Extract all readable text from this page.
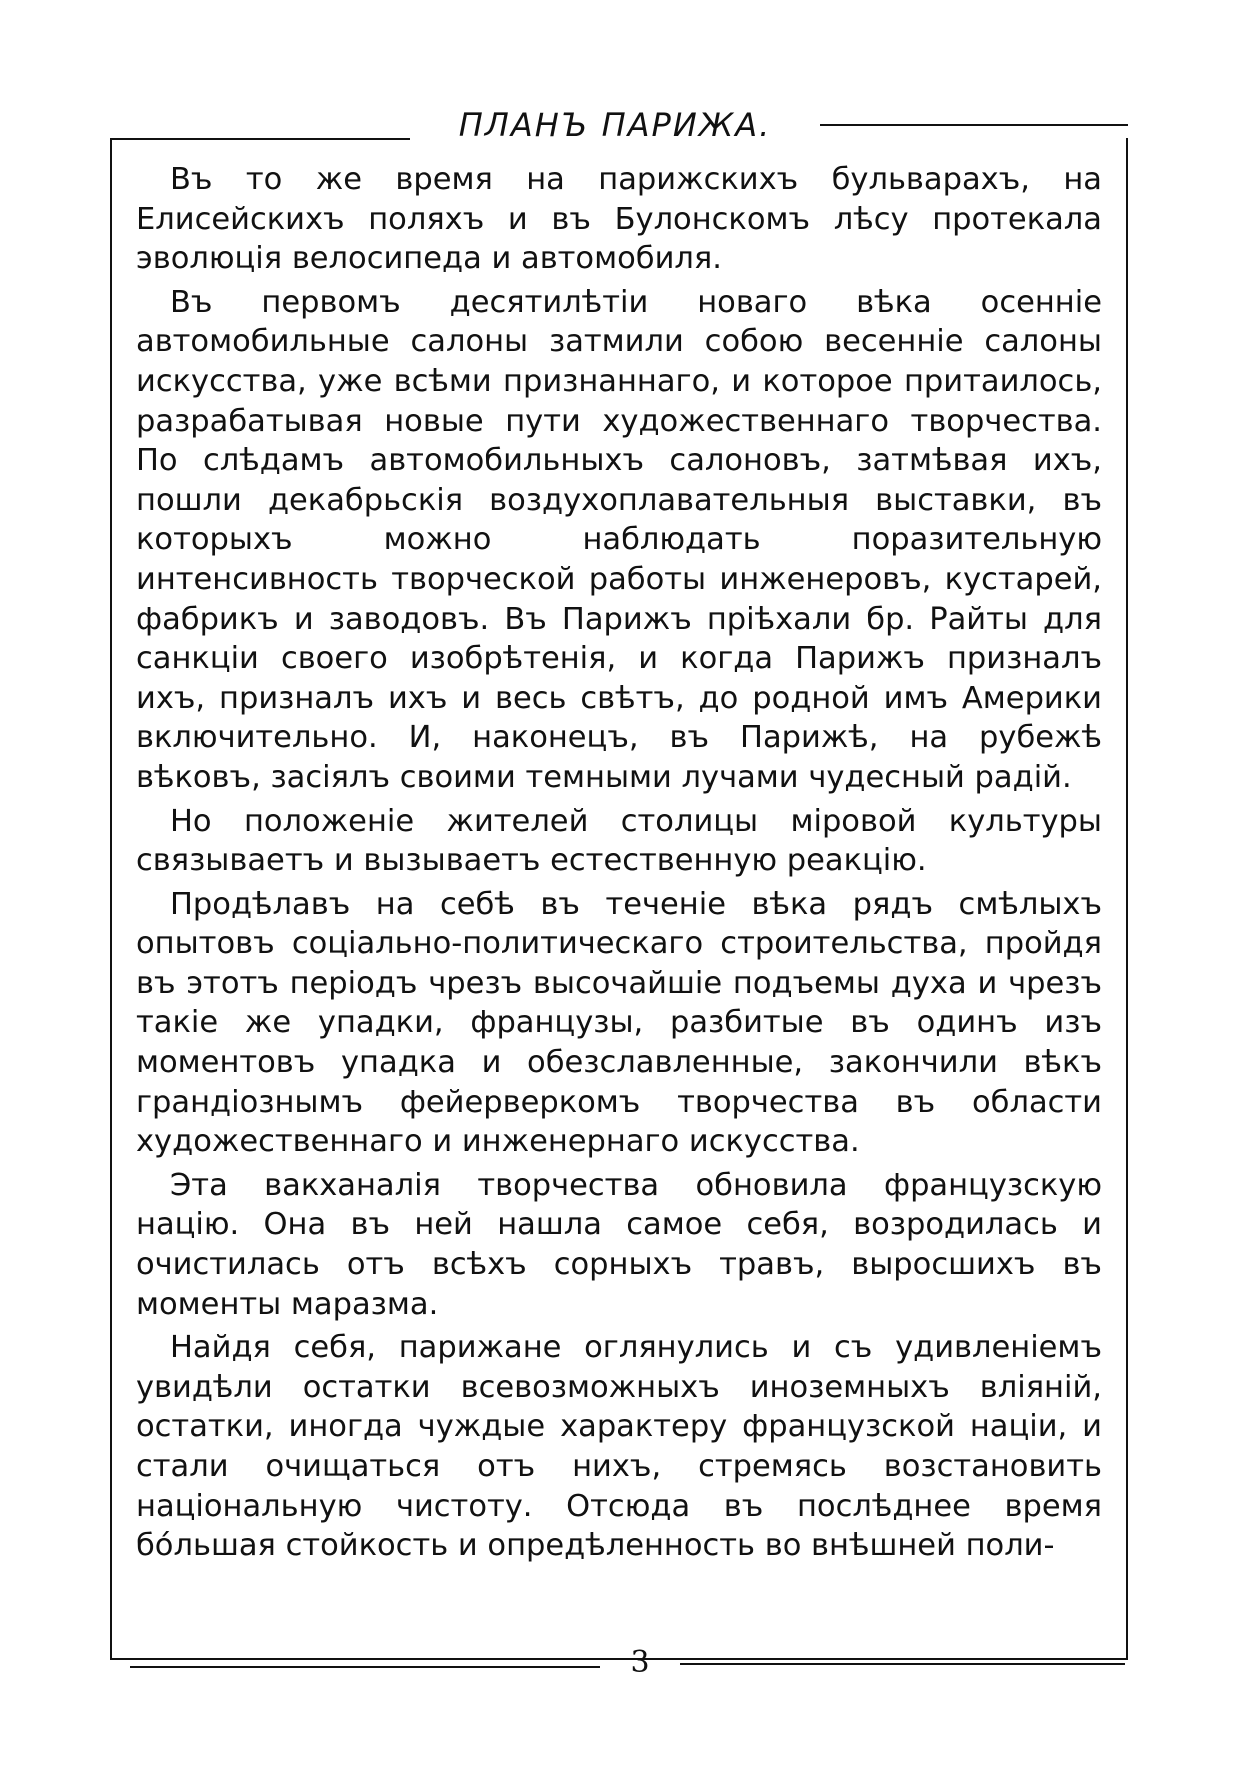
ПЛАНЪ ПАРИЖА.

Въ то же время на парижскихъ бульварахъ, на Елисейскихъ поляхъ и въ Булонскомъ лѣсу протекала эволюція велосипеда и автомобиля.

Въ первомъ десятилѣтіи новаго вѣка осенніе автомобильные салоны затмили собою весенніе салоны искусства, уже всѣми признаннаго, и которое притаилось, разрабатывая новые пути художественнаго творчества. По слѣдамъ автомобильныхъ салоновъ, затмѣвая ихъ, пошли декабрьскія воздухоплавательныя выставки, въ которыхъ можно наблюдать поразительную интенсивность творческой работы инженеровъ, кустарей, фабрикъ и заводовъ. Въ Парижъ пріѣхали бр. Райты для санкціи своего изобрѣтенія, и когда Парижъ призналъ ихъ, призналъ ихъ и весь свѣтъ, до родной имъ Америки включительно. И, наконецъ, въ Парижѣ, на рубежѣ вѣковъ, засіялъ своими темными лучами чудесный радій.

Но положеніе жителей столицы міровой культуры связываетъ и вызываетъ естественную реакцію.

Продѣлавъ на себѣ въ теченіе вѣка рядъ смѣлыхъ опытовъ соціально-политическаго строительства, пройдя въ этотъ періодъ чрезъ высочайшіе подъемы духа и чрезъ такіе же упадки, французы, разбитые въ одинъ изъ моментовъ упадка и обезславленные, закончили вѣкъ грандіознымъ фейерверкомъ творчества въ области художественнаго и инженернаго искусства.

Эта вакханалія творчества обновила французскую націю. Она въ ней нашла самое себя, возродилась и очистилась отъ всѣхъ сорныхъ травъ, выросшихъ въ моменты маразма.

Найдя себя, парижане оглянулись и съ удивленіемъ увидѣли остатки всевозможныхъ иноземныхъ вліяній, остатки, иногда чуждые характеру французской націи, и стали очищаться отъ нихъ, стремясь возстановить національную чистоту. Отсюда въ послѣднее время бо́льшая стойкость и опредѣленность во внѣшней поли-

3
